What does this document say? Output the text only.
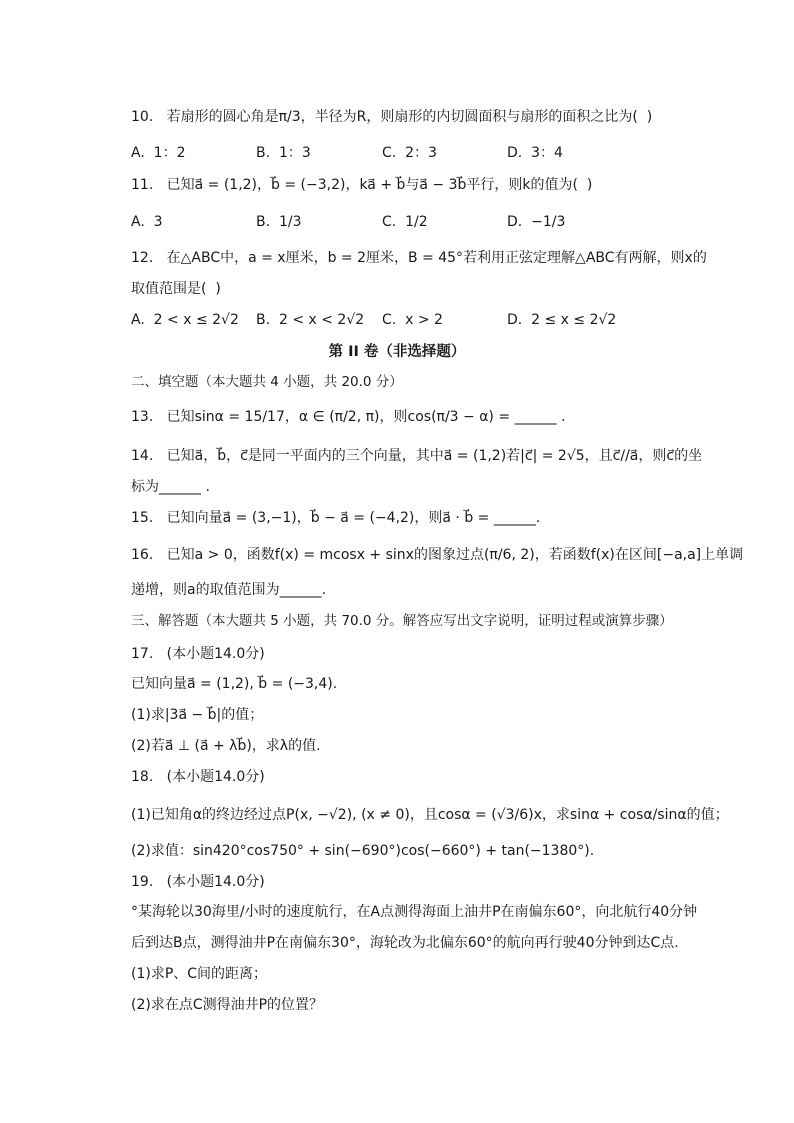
10.   若扇形的圆心角是π/3，半径为R，则扇形的内切圆面积与扇形的面积之比为(  )
A.  1：2	B.  1：3	C.  2：3	D.  3：4
11.   已知a⃗ = (1,2)，b⃗ = (−3,2)，ka⃗ + b⃗与a⃗ − 3b⃗平行，则k的值为(  )
A.  3	B.  1/3	C.  1/2	D.  −1/3
12.   在△ABC中，a = x厘米，b = 2厘米，B = 45°若利用正弦定理解△ABC有两解，则x的
取值范围是(  )
A.  2 < x ≤ 2√2 B.  2 < x < 2√2 C.  x > 2	D.  2 ≤ x ≤ 2√2
第 II 卷（非选择题）
二、填空题（本大题共 4 小题，共 20.0 分）
13.   已知sinα = 15/17，α ∈ (π/2, π)，则cos(π/3 − α) = ______ .
14.   已知a⃗，b⃗，c⃗是同一平面内的三个向量，其中a⃗ = (1,2)若|c⃗| = 2√5，且c⃗//a⃗，则c⃗的坐
标为______ .
15.   已知向量a⃗ = (3,−1)，b⃗ − a⃗ = (−4,2)，则a⃗ · b⃗ = ______.
16.   已知a > 0，函数f(x) = mcosx + sinx的图象过点(π/6, 2)，若函数f(x)在区间[−a,a]上单调
递增，则a的取值范围为______.
三、解答题（本大题共 5 小题，共 70.0 分。解答应写出文字说明，证明过程或演算步骤）
17.   (本小题14.0分)
已知向量a⃗ = (1,2), b⃗ = (−3,4).
(1)求|3a⃗ − b⃗|的值；
(2)若a⃗ ⊥ (a⃗ + λb⃗)，求λ的值.
18.   (本小题14.0分)
(1)已知角α的终边经过点P(x, −√2), (x ≠ 0)，且cosα = (√3/6)x，求sinα + cosα/sinα的值；
(2)求值：sin420°cos750° + sin(−690°)cos(−660°) + tan(−1380°).
19.   (本小题14.0分)
°某海轮以30海里/小时的速度航行，在A点测得海面上油井P在南偏东60°，向北航行40分钟
后到达B点，测得油井P在南偏东30°，海轮改为北偏东60°的航向再行驶40分钟到达C点.
(1)求P、C间的距离；
(2)求在点C测得油井P的位置？
